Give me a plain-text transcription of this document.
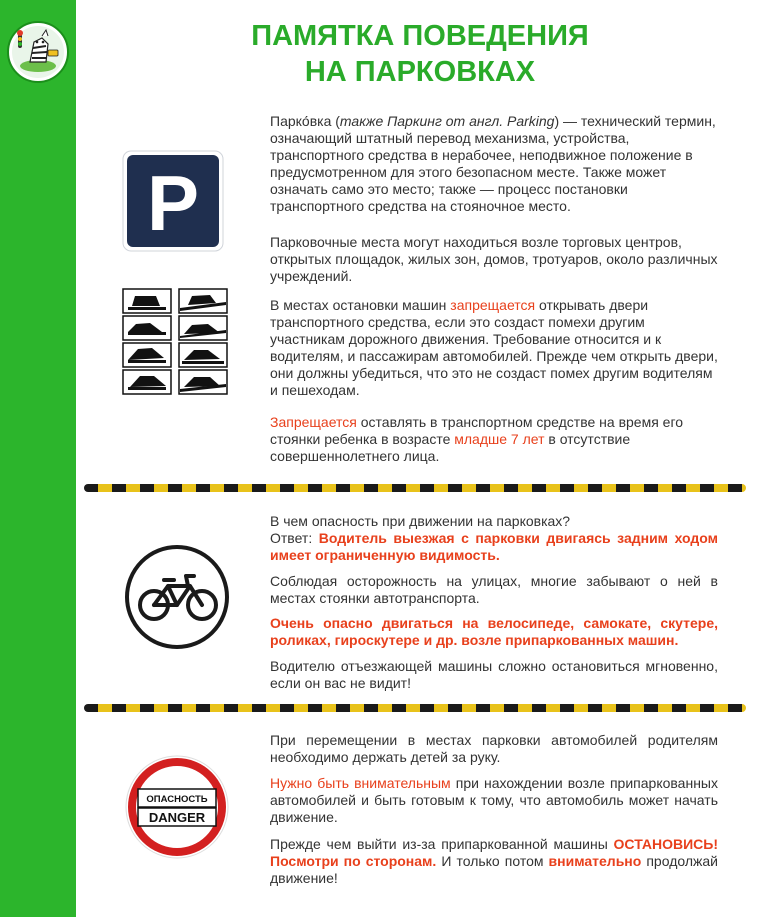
ПАМЯТКА ПОВЕДЕНИЯ
НА ПАРКОВКАХ
P

Парко́вка (также Паркинг от англ. Parking) — технический термин, означающий штатный перевод механизма, устройства, транспортного средства в нерабочее, неподвижное положение в предусмотренном для этого безопасном месте. Также может означать само это место; также — процесс постановки транспортного средства на стояночное место.

Парковочные места могут находиться возле торговых центров, открытых площадок, жилых зон, домов, тротуаров, около различных учреждений.

В местах остановки машин запрещается открывать двери транспортного средства, если это создаст помехи другим участникам дорожного движения. Требование относится и к водителям, и пассажирам автомобилей. Прежде чем открыть двери, они должны убедиться, что это не создаст помех другим водителям и пешеходам.

Запрещается оставлять в транспортном средстве на время его стоянки ребенка в возрасте младше 7 лет в отсутствие совершеннолетнего лица.

В чем опасность при движении на парковках?

Ответ: Водитель выезжая с парковки двигаясь задним ходом имеет ограниченную видимость.

Соблюдая осторожность на улицах, многие забывают о ней в местах стоянки автотранспорта.

Очень опасно двигаться на велосипеде, самокате, скутере, роликах, гироскутере и др. возле припаркованных машин.

Водителю отъезжающей машины сложно остановиться мгновенно, если он вас не видит!

ОПАСНОСТЬ
DANGER

При перемещении в местах парковки автомобилей родителям необходимо держать детей за руку.

Нужно быть внимательным при нахождении возле припаркованных автомобилей и быть готовым к тому, что автомобиль может начать движение.

Прежде чем выйти из-за припаркованной машины ОСТАНОВИСЬ! Посмотри по сторонам. И только потом внимательно продолжай движение!
